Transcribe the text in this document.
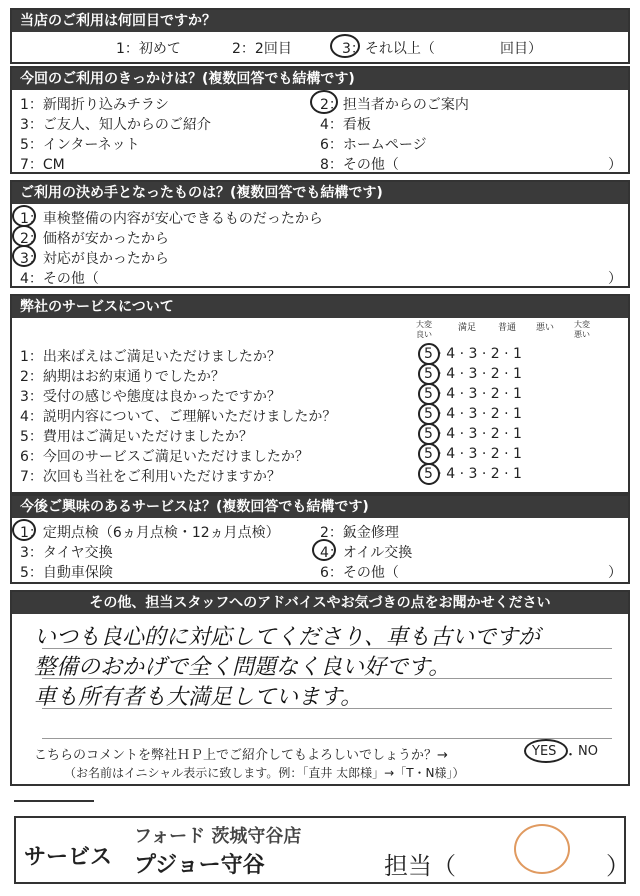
当店のご利用は何回目ですか？
1：初めて	2：2回目	3：それ以上（	回目）
今回のご利用のきっかけは？(複数回答でも結構です)
1：新聞折り込みチラシ	2：担当者からのご案内
3：ご友人、知人からのご紹介	4：看板
5：インターネット	6：ホームページ
7：CM	8：その他（	）
ご利用の決め手となったものは？(複数回答でも結構です)
1：車検整備の内容が安心できるものだったから
2：価格が安かったから
3：対応が良かったから
4：その他（	）
弊社のサービスについて
大変良い
満足 普通 悪い 大変悪い
1：出来ばえはご満足いただけましたか？	5 · 4 · 3 · 2 · 1
2：納期はお約束通りでしたか？	5 · 4 · 3 · 2 · 1
3：受付の感じや態度は良かったですか？	5 · 4 · 3 · 2 · 1
4：説明内容について、ご理解いただけましたか？	5 · 4 · 3 · 2 · 1
5：費用はご満足いただけましたか？	5 · 4 · 3 · 2 · 1
6：今回のサービスご満足いただけましたか？	5 · 4 · 3 · 2 · 1
7：次回も当社をご利用いただけますか？	5 · 4 · 3 · 2 · 1
今後ご興味のあるサービスは？(複数回答でも結構です)
1：定期点検（6ヵ月点検・12ヵ月点検）	2：鈑金修理
3：タイヤ交換	4：オイル交換
5：自動車保険	6：その他（	）
その他、担当スタッフへのアドバイスやお気づきの点をお聞かせください
いつも良心的に対応してくださり、車も古いですが
整備のおかげで全く問題なく良い好です。
車も所有者も大満足しています。
こちらのコメントを弊社ＨＰ上でご紹介してもよろしいでしょうか？→	YES ・ NO
（お名前はイニシャル表示に致します。例：「直井 太郎様」→「T・N様」）
サービス
フォード 茨城守谷店
プジョー守谷	担当（	）
